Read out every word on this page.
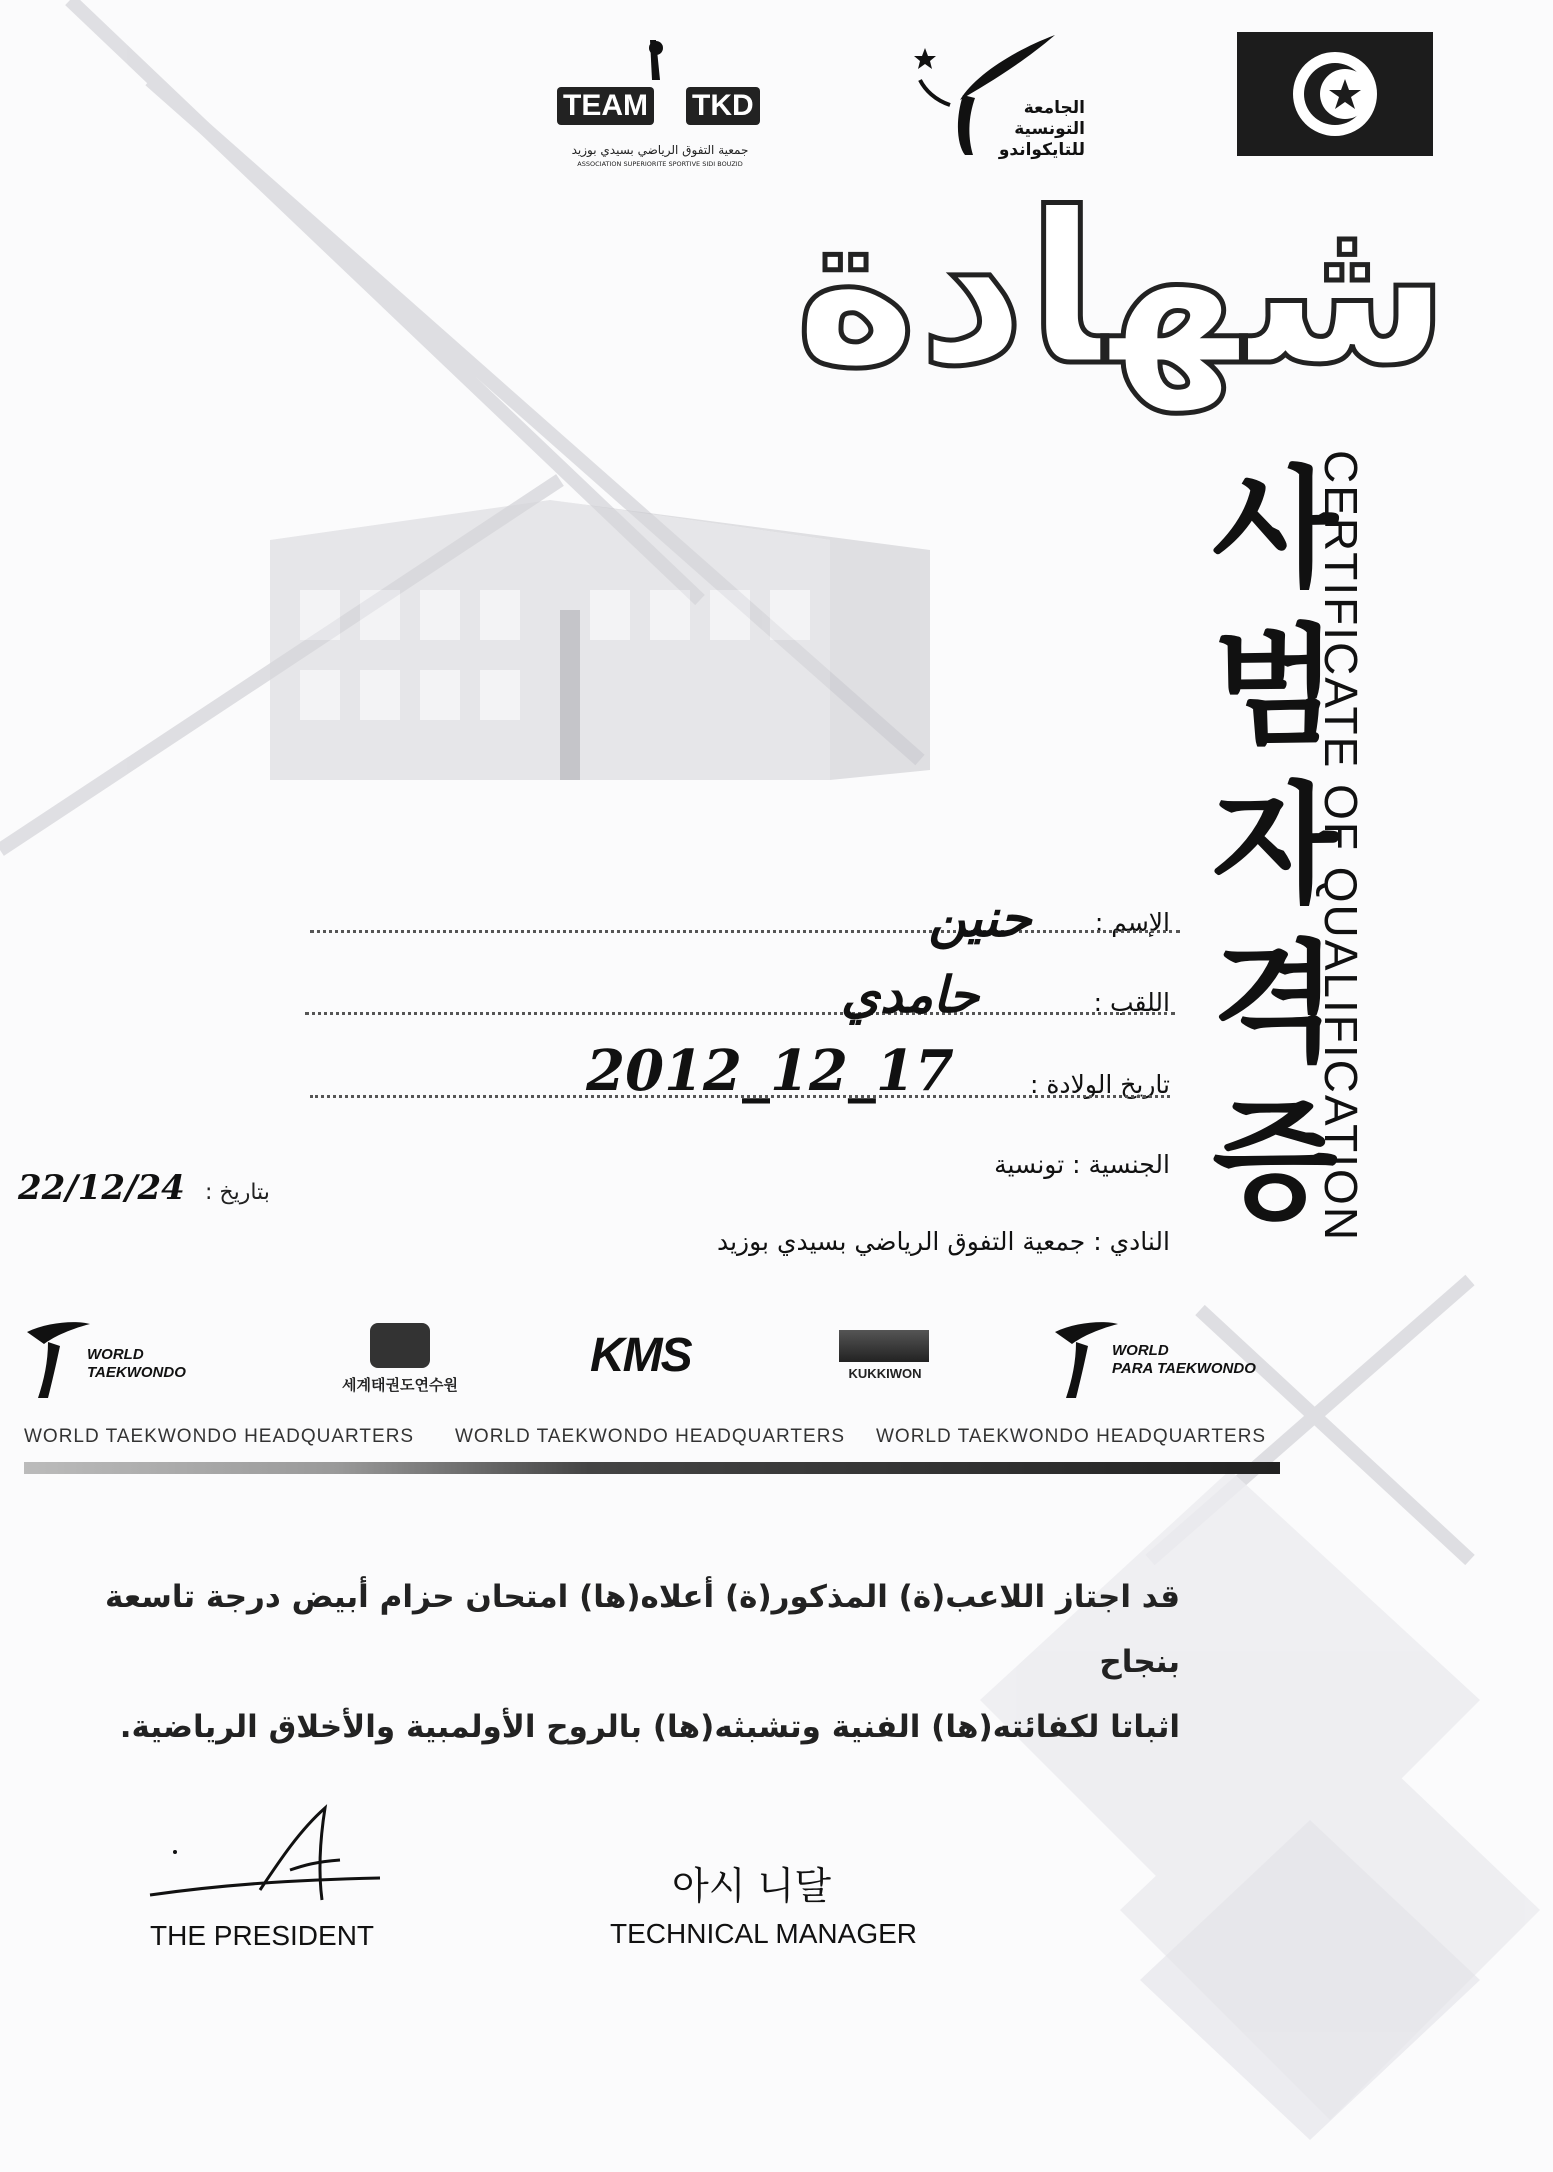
الجامعة التونسية للتايكواندو
TEAM TKD
جمعية التفوق الرياضي بسيدي بوزيد
ASSOCIATION SUPERIORITE SPORTIVE SIDI BOUZID
شهادة
사
범
자
격
증
CERTIFICATE OF QUALIFICATION
الإسم :
حنين
اللقب :
حامدي
تاريخ الولادة :
2012_12_17
الجنسية : تونسية
النادي : جمعية التفوق الرياضي بسيدي بوزيد
بتاريخ :
22/12/24
WORLD
TAEKWONDO
세계태권도연수원
KMS	KUKKIWON
WORLD
PARA TAEKWONDO
WORLD TAEKWONDO HEADQUARTERS WORLD TAEKWONDO HEADQUARTERS WORLD TAEKWONDO HEADQUARTERS
قد اجتاز اللاعب(ة) المذكور(ة) أعلاه(ها) امتحان حزام أبيض درجة تاسعة بنجاح
اثباتا لكفائته(ها) الفنية وتشبثه(ها) بالروح الأولمبية والأخلاق الرياضية.
THE PRESIDENT
아시 니달
TECHNICAL MANAGER
